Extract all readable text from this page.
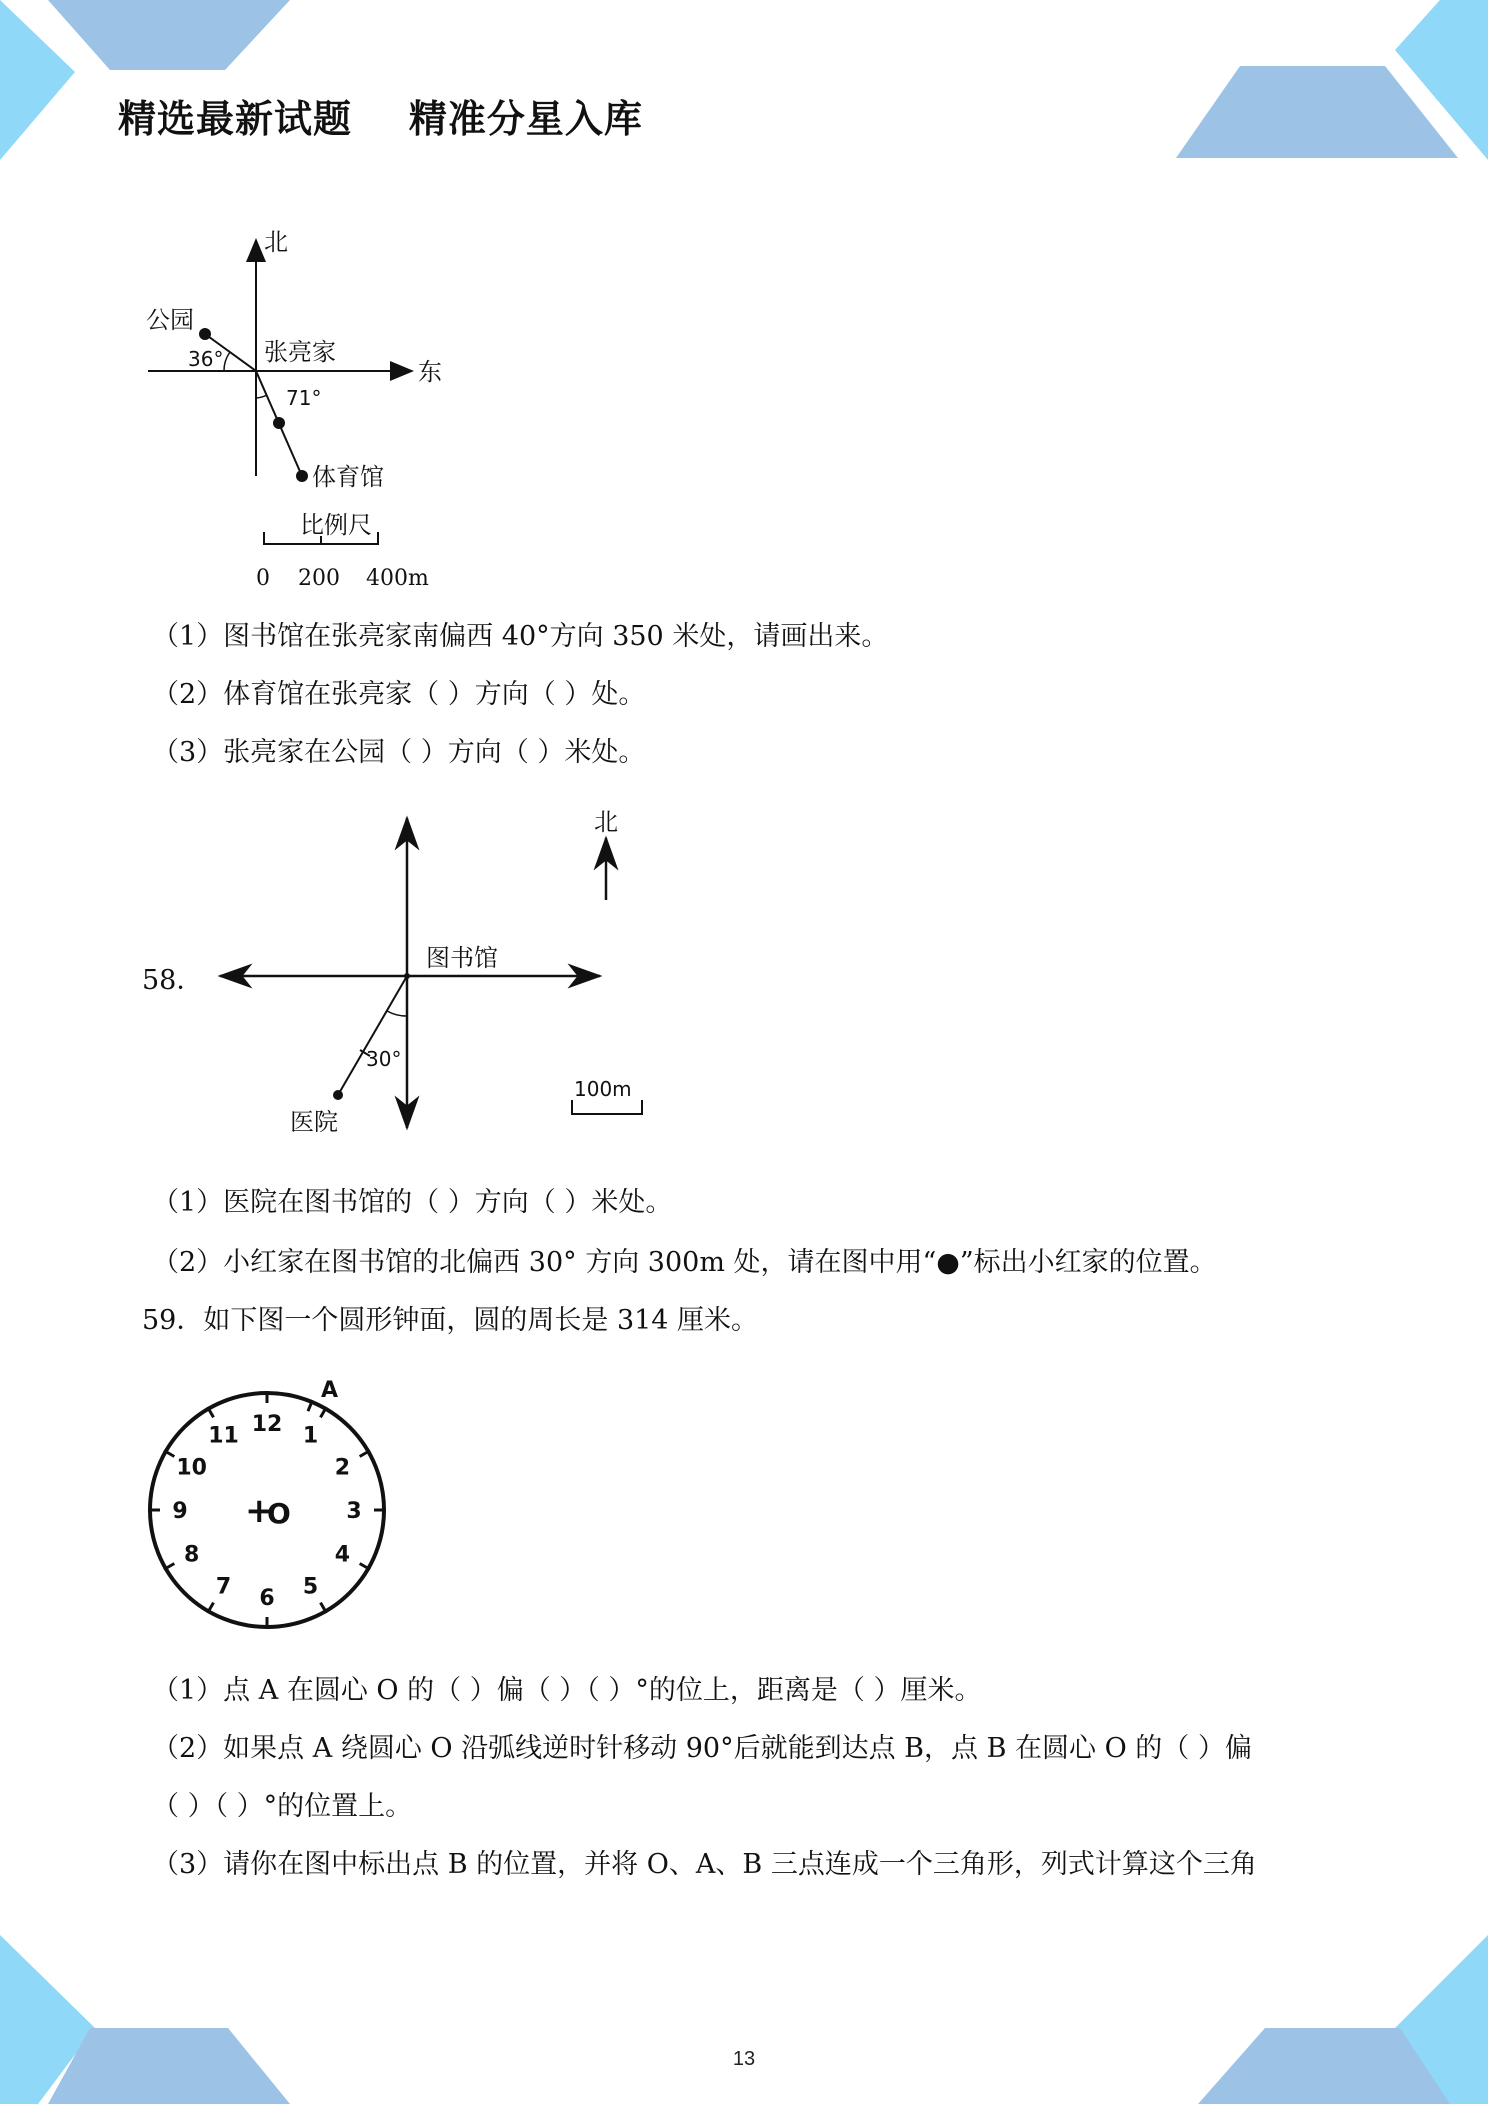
精选最新试题    精准分星入库
北
东
公园
张亮家
36°
71°
体育馆
比例尺
0 200 400m
（1）图书馆在张亮家南偏西 40°方向 350 米处，请画出来。
（2）体育馆在张亮家（ ）方向（ ）处。
（3）张亮家在公园（ ）方向（ ）米处。
58．
北
图书馆
医院
30°
100m
（1）医院在图书馆的（ ）方向（ ）米处。
（2）小红家在图书馆的北偏西 30° 方向 300m 处，请在图中用“●”标出小红家的位置。
59．如下图一个圆形钟面，圆的周长是 314 厘米。
12 1
2
3
4
5
6
7
8
9
10
11
A
+
O
（1）点 A 在圆心 O 的（ ）偏（ ）（ ）°的位上，距离是（ ）厘米。
（2）如果点 A 绕圆心 O 沿弧线逆时针移动 90°后就能到达点 B，点 B 在圆心 O 的（ ）偏
（ ）（ ）°的位置上。
（3）请你在图中标出点 B 的位置，并将 O、A、B 三点连成一个三角形，列式计算这个三角
13
